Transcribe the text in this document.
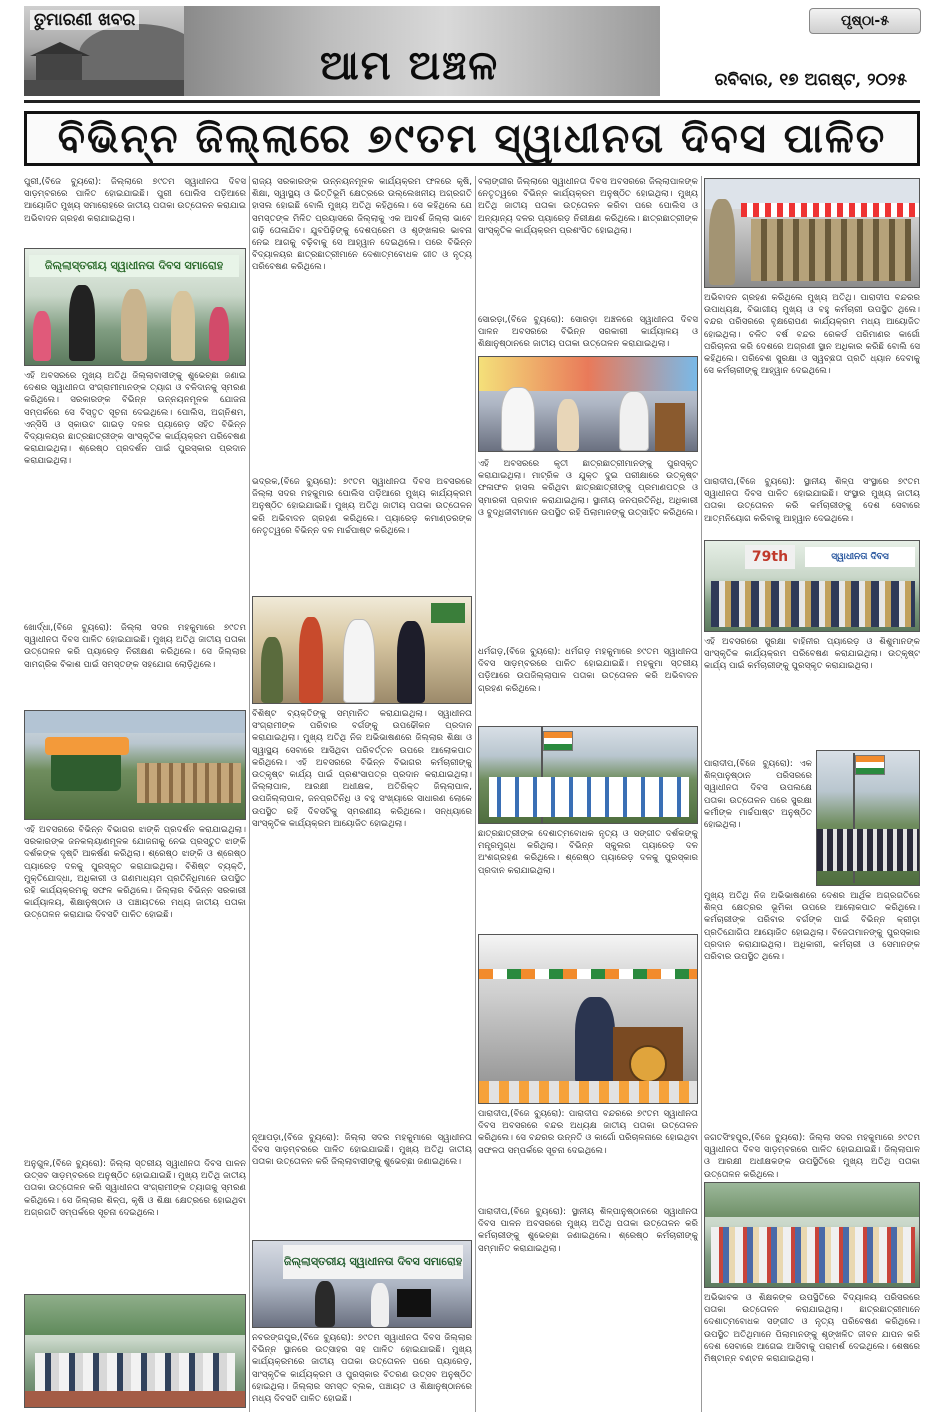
ତୁମାରଣୀ ଖବର
ଆମ ଅଞ୍ଚଳ
ପୃଷ୍ଠା-୫
ରବିବାର, ୧୭ ଅଗଷ୍ଟ, ୨୦୨୫
ବିଭିନ୍ନ ଜିଲ୍ଲାରେ ୭୯ତମ ସ୍ୱାଧୀନତା ଦିବସ ପାଳିତ
ପୁରୀ,(ବିଜେ ବ୍ୟୁରୋ): ଜିଲ୍ଲାରେ ୭୯ତମ ସ୍ୱାଧୀନତା ଦିବସ ସାଡ଼ମ୍ବରରେ ପାଳିତ ହୋଇଯାଇଛି। ପୁରୀ ପୋଲିସ ପଡ଼ିଆରେ ଆୟୋଜିତ ମୁଖ୍ୟ ସମାରୋହରେ ଜାତୀୟ ପତାକା ଉତ୍ତୋଳନ କରାଯାଇ ଅଭିବାଦନ ଗ୍ରହଣ କରାଯାଇଥିଲା।
ଜିଲ୍ଲାସ୍ତରୀୟ ସ୍ୱାଧୀନତା ଦିବସ ସମାରୋହ
ଏହି ଅବସରରେ ମୁଖ୍ୟ ଅତିଥି ଜିଲ୍ଲାବାସୀଙ୍କୁ ଶୁଭେଚ୍ଛା ଜଣାଇ ଦେଶର ସ୍ୱାଧୀନତା ସଂଗ୍ରାମୀମାନଙ୍କ ତ୍ୟାଗ ଓ ବଳିଦାନକୁ ସ୍ମରଣ କରିଥିଲେ। ସରକାରଙ୍କ ବିଭିନ୍ନ ଉନ୍ନୟନମୂଳକ ଯୋଜନା ସମ୍ପର୍କରେ ସେ ବିସ୍ତୃତ ସୂଚନା ଦେଇଥିଲେ। ପୋଲିସ, ଅଗ୍ନିଶମ, ଏନ୍‌ସିସି ଓ ସ୍କାଉଟ ଗାଇଡ଼ ଦଳର ପ୍ୟାରେଡ଼ ସହିତ ବିଭିନ୍ନ ବିଦ୍ୟାଳୟର ଛାତ୍ରଛାତ୍ରୀଙ୍କ ସାଂସ୍କୃତିକ କାର୍ଯ୍ୟକ୍ରମ ପରିବେଷଣ କରାଯାଇଥିଲା। ଶ୍ରେଷ୍ଠ ପ୍ରଦର୍ଶନ ପାଇଁ ପୁରସ୍କାର ପ୍ରଦାନ କରାଯାଇଥିଲା।
ଖୋର୍ଦ୍ଧା,(ବିଜେ ବ୍ୟୁରୋ): ଜିଲ୍ଲା ସଦର ମହକୁମାରେ ୭୯ତମ ସ୍ୱାଧୀନତା ଦିବସ ପାଳିତ ହୋଇଯାଇଛି। ମୁଖ୍ୟ ଅତିଥି ଜାତୀୟ ପତାକା ଉତ୍ତୋଳନ କରି ପ୍ୟାରେଡ଼ ନିରୀକ୍ଷଣ କରିଥିଲେ। ସେ ଜିଲ୍ଲାର ସାମଗ୍ରିକ ବିକାଶ ପାଇଁ ସମସ୍ତଙ୍କ ସହଯୋଗ ଲୋଡ଼ିଥିଲେ।
ଏହି ଅବସରରେ ବିଭିନ୍ନ ବିଭାଗର ଝାଙ୍କି ପ୍ରଦର୍ଶନ କରାଯାଇଥିଲା। ସରକାରଙ୍କ ଜନକଲ୍ୟାଣମୂଳକ ଯୋଜନାକୁ ନେଇ ପ୍ରସ୍ତୁତ ଝାଙ୍କି ଦର୍ଶକଙ୍କ ଦୃଷ୍ଟି ଆକର୍ଷଣ କରିଥିଲା। ଶ୍ରେଷ୍ଠ ଝାଙ୍କି ଓ ଶ୍ରେଷ୍ଠ ପ୍ୟାରେଡ଼ ଦଳକୁ ପୁରସ୍କୃତ କରାଯାଇଥିଲା। ବିଶିଷ୍ଟ ବ୍ୟକ୍ତି, ମୁକ୍ତିଯୋଦ୍ଧା, ଅଧିକାରୀ ଓ ଗଣମାଧ୍ୟମ ପ୍ରତିନିଧିମାନେ ଉପସ୍ଥିତ ରହି କାର୍ଯ୍ୟକ୍ରମକୁ ସଫଳ କରିଥିଲେ। ଜିଲ୍ଲାର ବିଭିନ୍ନ ସରକାରୀ କାର୍ଯ୍ୟାଳୟ, ଶିକ୍ଷାନୁଷ୍ଠାନ ଓ ପଞ୍ଚାୟତରେ ମଧ୍ୟ ଜାତୀୟ ପତାକା ଉତ୍ତୋଳନ କରାଯାଇ ଦିବସଟି ପାଳିତ ହୋଇଛି।
ଅନୁଗୁଳ,(ବିଜେ ବ୍ୟୁରୋ): ଜିଲ୍ଲା ସ୍ତରୀୟ ସ୍ୱାଧୀନତା ଦିବସ ପାଳନ ଉତ୍ସବ ସାଡ଼ମ୍ବରରେ ଅନୁଷ୍ଠିତ ହୋଇଯାଇଛି। ମୁଖ୍ୟ ଅତିଥି ଜାତୀୟ ପତାକା ଉତ୍ତୋଳନ କରି ସ୍ୱାଧୀନତା ସଂଗ୍ରାମୀଙ୍କ ତ୍ୟାଗକୁ ସ୍ମରଣ କରିଥିଲେ। ସେ ଜିଲ୍ଲାର ଶିଳ୍ପ, କୃଷି ଓ ଶିକ୍ଷା କ୍ଷେତ୍ରରେ ହୋଇଥିବା ଅଗ୍ରଗତି ସମ୍ପର୍କରେ ସୂଚନା ଦେଇଥିଲେ।
ରାଜ୍ୟ ସରକାରଙ୍କ ଉନ୍ନୟନମୂଳକ କାର୍ଯ୍ୟକ୍ରମ ଫଳରେ କୃଷି, ଶିକ୍ଷା, ସ୍ୱାସ୍ଥ୍ୟ ଓ ଭିତ୍ତିଭୂମି କ୍ଷେତ୍ରରେ ଉଲ୍ଲେଖନୀୟ ଅଗ୍ରଗତି ହାସଲ ହୋଇଛି ବୋଲି ମୁଖ୍ୟ ଅତିଥି କହିଥିଲେ। ସେ କହିଥିଲେ ଯେ ସମସ୍ତଙ୍କ ମିଳିତ ପ୍ରୟାସରେ ଜିଲ୍ଲାକୁ ଏକ ଆଦର୍ଶ ଜିଲ୍ଲା ଭାବେ ଗଢ଼ି ତୋଳାଯିବ। ଯୁବପିଢ଼ିଙ୍କୁ ଦେଶପ୍ରେମ ଓ ଶୃଙ୍ଖଳାର ଭାବନା ନେଇ ଆଗକୁ ବଢ଼ିବାକୁ ସେ ଆହ୍ୱାନ ଦେଇଥିଲେ। ପରେ ବିଭିନ୍ନ ବିଦ୍ୟାଳୟର ଛାତ୍ରଛାତ୍ରୀମାନେ ଦେଶାତ୍ମବୋଧକ ଗୀତ ଓ ନୃତ୍ୟ ପରିବେଷଣ କରିଥିଲେ।
ଭଦ୍ରକ,(ବିଜେ ବ୍ୟୁରୋ): ୭୯ତମ ସ୍ୱାଧୀନତା ଦିବସ ଅବସରରେ ଜିଲ୍ଲା ସଦର ମହକୁମାର ପୋଲିସ ପଡ଼ିଆରେ ମୁଖ୍ୟ କାର୍ଯ୍ୟକ୍ରମ ଅନୁଷ୍ଠିତ ହୋଇଯାଇଛି। ମୁଖ୍ୟ ଅତିଥି ଜାତୀୟ ପତାକା ଉତ୍ତୋଳନ କରି ଅଭିବାଦନ ଗ୍ରହଣ କରିଥିଲେ। ପ୍ୟାରେଡ଼ କମାଣ୍ଡରଙ୍କ ନେତୃତ୍ୱରେ ବିଭିନ୍ନ ଦଳ ମାର୍ଚ୍ଚପାଷ୍ଟ କରିଥିଲେ।
ବିଶିଷ୍ଟ ବ୍ୟକ୍ତିଙ୍କୁ ସମ୍ମାନିତ କରାଯାଇଥିଲା। ସ୍ୱାଧୀନତା ସଂଗ୍ରାମୀଙ୍କ ପରିବାର ବର୍ଗଙ୍କୁ ଉପଢୌକନ ପ୍ରଦାନ କରାଯାଇଥିଲା। ମୁଖ୍ୟ ଅତିଥି ନିଜ ଅଭିଭାଷଣରେ ଜିଲ୍ଲାର ଶିକ୍ଷା ଓ ସ୍ୱାସ୍ଥ୍ୟ ସେବାରେ ଆସିଥିବା ପରିବର୍ତ୍ତନ ଉପରେ ଆଲୋକପାତ କରିଥିଲେ। ଏହି ଅବସରରେ ବିଭିନ୍ନ ବିଭାଗର କର୍ମଚାରୀଙ୍କୁ ଉତ୍କୃଷ୍ଟ କାର୍ଯ୍ୟ ପାଇଁ ପ୍ରଶଂସାପତ୍ର ପ୍ରଦାନ କରାଯାଇଥିଲା। ଜିଲ୍ଲାପାଳ, ଆରକ୍ଷୀ ଅଧୀକ୍ଷକ, ଅତିରିକ୍ତ ଜିଲ୍ଲାପାଳ, ଉପଜିଲ୍ଲାପାଳ, ଜନପ୍ରତିନିଧି ଓ ବହୁ ସଂଖ୍ୟାରେ ସାଧାରଣ ଲୋକେ ଉପସ୍ଥିତ ରହି ଦିବସଟିକୁ ସ୍ମରଣୀୟ କରିଥିଲେ। ସନ୍ଧ୍ୟାରେ ସାଂସ୍କୃତିକ କାର୍ଯ୍ୟକ୍ରମ ଆୟୋଜିତ ହୋଇଥିଲା।
ନୂଆପଡ଼ା,(ବିଜେ ବ୍ୟୁରୋ): ଜିଲ୍ଲା ସଦର ମହକୁମାରେ ସ୍ୱାଧୀନତା ଦିବସ ସାଡ଼ମ୍ବରରେ ପାଳିତ ହୋଇଯାଇଛି। ମୁଖ୍ୟ ଅତିଥି ଜାତୀୟ ପତାକା ଉତ୍ତୋଳନ କରି ଜିଲ୍ଲାବାସୀଙ୍କୁ ଶୁଭେଚ୍ଛା ଜଣାଇଥିଲେ।
ଜିଲ୍ଲାସ୍ତରୀୟ ସ୍ୱାଧୀନତା ଦିବସ ସମାରୋହ
ନବରଙ୍ଗପୁର,(ବିଜେ ବ୍ୟୁରୋ): ୭୯ତମ ସ୍ୱାଧୀନତା ଦିବସ ଜିଲ୍ଲାର ବିଭିନ୍ନ ସ୍ଥାନରେ ଉତ୍ସାହର ସହ ପାଳିତ ହୋଇଯାଇଛି। ମୁଖ୍ୟ କାର୍ଯ୍ୟକ୍ରମରେ ଜାତୀୟ ପତାକା ଉତ୍ତୋଳନ ପରେ ପ୍ୟାରେଡ଼, ସାଂସ୍କୃତିକ କାର୍ଯ୍ୟକ୍ରମ ଓ ପୁରସ୍କାର ବିତରଣ ଉତ୍ସବ ଅନୁଷ୍ଠିତ ହୋଇଥିଲା। ଜିଲ୍ଲାର ସମସ୍ତ ବ୍ଲକ, ପଞ୍ଚାୟତ ଓ ଶିକ୍ଷାନୁଷ୍ଠାନରେ ମଧ୍ୟ ଦିବସଟି ପାଳିତ ହୋଇଛି।
ବଲାଙ୍ଗୀର ଜିଲ୍ଲାରେ ସ୍ୱାଧୀନତା ଦିବସ ଅବସରରେ ଜିଲ୍ଲାପାଳଙ୍କ ନେତୃତ୍ୱରେ ବିଭିନ୍ନ କାର୍ଯ୍ୟକ୍ରମ ଅନୁଷ୍ଠିତ ହୋଇଥିଲା। ମୁଖ୍ୟ ଅତିଥି ଜାତୀୟ ପତାକା ଉତ୍ତୋଳନ କରିବା ପରେ ପୋଲିସ ଓ ଅନ୍ୟାନ୍ୟ ଦଳର ପ୍ୟାରେଡ଼ ନିରୀକ୍ଷଣ କରିଥିଲେ। ଛାତ୍ରଛାତ୍ରୀଙ୍କ ସାଂସ୍କୃତିକ କାର୍ଯ୍ୟକ୍ରମ ପ୍ରଶଂସିତ ହୋଇଥିଲା।
ସୋରଡ଼ା,(ବିଜେ ବ୍ୟୁରୋ): ସୋରଡ଼ା ଅଞ୍ଚଳରେ ସ୍ୱାଧୀନତା ଦିବସ ପାଳନ ଅବସରରେ ବିଭିନ୍ନ ସରକାରୀ କାର୍ଯ୍ୟାଳୟ ଓ ଶିକ୍ଷାନୁଷ୍ଠାନରେ ଜାତୀୟ ପତାକା ଉତ୍ତୋଳନ କରାଯାଇଥିଲା।
ଏହି ଅବସରରେ କୃତୀ ଛାତ୍ରଛାତ୍ରୀମାନଙ୍କୁ ପୁରସ୍କୃତ କରାଯାଇଥିଲା। ମାଟ୍ରିକ ଓ ଯୁକ୍ତ ଦୁଇ ପରୀକ୍ଷାରେ ଉତ୍କୃଷ୍ଟ ଫଳାଫଳ ହାସଲ କରିଥିବା ଛାତ୍ରଛାତ୍ରୀଙ୍କୁ ପ୍ରମାଣପତ୍ର ଓ ସ୍ମାରକୀ ପ୍ରଦାନ କରାଯାଇଥିଲା। ସ୍ଥାନୀୟ ଜନପ୍ରତିନିଧି, ଅଧିକାରୀ ଓ ବୁଦ୍ଧିଜୀବୀମାନେ ଉପସ୍ଥିତ ରହି ପିଲାମାନଙ୍କୁ ଉତ୍ସାହିତ କରିଥିଲେ।
ଧର୍ମଗଡ଼,(ବିଜେ ବ୍ୟୁରୋ): ଧର୍ମଗଡ଼ ମହକୁମାରେ ୭୯ତମ ସ୍ୱାଧୀନତା ଦିବସ ସାଡ଼ମ୍ବରରେ ପାଳିତ ହୋଇଯାଇଛି। ମହକୁମା ସ୍ତରୀୟ ପଡ଼ିଆରେ ଉପଜିଲ୍ଲାପାଳ ପତାକା ଉତ୍ତୋଳନ କରି ଅଭିବାଦନ ଗ୍ରହଣ କରିଥିଲେ।
ଛାତ୍ରଛାତ୍ରୀଙ୍କ ଦେଶାତ୍ମବୋଧକ ନୃତ୍ୟ ଓ ସଙ୍ଗୀତ ଦର୍ଶକଙ୍କୁ ମନ୍ତ୍ରମୁଗ୍ଧ କରିଥିଲା। ବିଭିନ୍ନ ସ୍କୁଲର ପ୍ୟାରେଡ଼ ଦଳ ଅଂଶଗ୍ରହଣ କରିଥିଲେ। ଶ୍ରେଷ୍ଠ ପ୍ୟାରେଡ଼ ଦଳକୁ ପୁରସ୍କାର ପ୍ରଦାନ କରାଯାଇଥିଲା।
ପାରାଦୀପ,(ବିଜେ ବ୍ୟୁରୋ): ପାରାଦୀପ ବନ୍ଦରରେ ୭୯ତମ ସ୍ୱାଧୀନତା ଦିବସ ଅବସରରେ ବନ୍ଦର ଅଧ୍ୟକ୍ଷ ଜାତୀୟ ପତାକା ଉତ୍ତୋଳନ କରିଥିଲେ। ସେ ବନ୍ଦରର ଉନ୍ନତି ଓ କାର୍ଗୋ ପରିଚାଳନାରେ ହୋଇଥିବା ସଫଳତା ସମ୍ପର୍କରେ ସୂଚନା ଦେଇଥିଲେ।
ପାରାଦୀପ,(ବିଜେ ବ୍ୟୁରୋ): ସ୍ଥାନୀୟ ଶିଳ୍ପାନୁଷ୍ଠାନରେ ସ୍ୱାଧୀନତା ଦିବସ ପାଳନ ଅବସରରେ ମୁଖ୍ୟ ଅତିଥି ପତାକା ଉତ୍ତୋଳନ କରି କର୍ମଚାରୀଙ୍କୁ ଶୁଭେଚ୍ଛା ଜଣାଇଥିଲେ। ଶ୍ରେଷ୍ଠ କର୍ମଚାରୀଙ୍କୁ ସମ୍ମାନିତ କରାଯାଇଥିଲା।
ଅଭିବାଦନ ଗ୍ରହଣ କରିଥିଲେ ମୁଖ୍ୟ ଅତିଥି। ପାରାଦୀପ ବନ୍ଦରର ଉପାଧ୍ୟକ୍ଷ, ବିଭାଗୀୟ ମୁଖ୍ୟ ଓ ବହୁ କର୍ମଚାରୀ ଉପସ୍ଥିତ ଥିଲେ। ବନ୍ଦର ପରିସରରେ ବୃକ୍ଷରୋପଣ କାର୍ଯ୍ୟକ୍ରମ ମଧ୍ୟ ଆୟୋଜିତ ହୋଇଥିଲା। ଚଳିତ ବର୍ଷ ବନ୍ଦର ରେକର୍ଡ ପରିମାଣର କାର୍ଗୋ ପରିଚାଳନା କରି ଦେଶରେ ଅଗ୍ରଣୀ ସ୍ଥାନ ଅଧିକାର କରିଛି ବୋଲି ସେ କହିଥିଲେ। ପରିବେଶ ସୁରକ୍ଷା ଓ ସ୍ୱଚ୍ଛତା ପ୍ରତି ଧ୍ୟାନ ଦେବାକୁ ସେ କର୍ମଚାରୀଙ୍କୁ ଆହ୍ୱାନ ଦେଇଥିଲେ।
ପାରାଦୀପ,(ବିଜେ ବ୍ୟୁରୋ): ସ୍ଥାନୀୟ ଶିଳ୍ପ ସଂସ୍ଥାରେ ୭୯ତମ ସ୍ୱାଧୀନତା ଦିବସ ପାଳିତ ହୋଇଯାଇଛି। ସଂସ୍ଥାର ମୁଖ୍ୟ ଜାତୀୟ ପତାକା ଉତ୍ତୋଳନ କରି କର୍ମଚାରୀଙ୍କୁ ଦେଶ ସେବାରେ ଆତ୍ମନିୟୋଗ କରିବାକୁ ଆହ୍ୱାନ ଦେଇଥିଲେ।
79th	ସ୍ୱାଧୀନତା ଦିବସ
ଏହି ଅବସରରେ ସୁରକ୍ଷା ବାହିନୀର ପ୍ୟାରେଡ଼ ଓ ଶିଶୁମାନଙ୍କ ସାଂସ୍କୃତିକ କାର୍ଯ୍ୟକ୍ରମ ପରିବେଷଣ କରାଯାଇଥିଲା। ଉତ୍କୃଷ୍ଟ କାର୍ଯ୍ୟ ପାଇଁ କର୍ମଚାରୀଙ୍କୁ ପୁରସ୍କୃତ କରାଯାଇଥିଲା।
ପାରାଦୀପ,(ବିଜେ ବ୍ୟୁରୋ): ଏକ ଶିଳ୍ପାନୁଷ୍ଠାନ ପରିସରରେ ସ୍ୱାଧୀନତା ଦିବସ ଉପଲକ୍ଷେ ପତାକା ଉତ୍ତୋଳନ ପରେ ସୁରକ୍ଷା କର୍ମୀଙ୍କ ମାର୍ଚ୍ଚପାଷ୍ଟ ଅନୁଷ୍ଠିତ ହୋଇଥିଲା।
ମୁଖ୍ୟ ଅତିଥି ନିଜ ଅଭିଭାଷଣରେ ଦେଶର ଆର୍ଥିକ ଅଗ୍ରଗତିରେ ଶିଳ୍ପ କ୍ଷେତ୍ରର ଭୂମିକା ଉପରେ ଆଲୋକପାତ କରିଥିଲେ। କର୍ମଚାରୀଙ୍କ ପରିବାର ବର୍ଗଙ୍କ ପାଇଁ ବିଭିନ୍ନ କ୍ରୀଡ଼ା ପ୍ରତିଯୋଗିତା ଆୟୋଜିତ ହୋଇଥିଲା। ବିଜେତାମାନଙ୍କୁ ପୁରସ୍କାର ପ୍ରଦାନ କରାଯାଇଥିଲା। ଅଧିକାରୀ, କର୍ମଚାରୀ ଓ ସେମାନଙ୍କ ପରିବାର ଉପସ୍ଥିତ ଥିଲେ।
ଜଗତସିଂହପୁର,(ବିଜେ ବ୍ୟୁରୋ): ଜିଲ୍ଲା ସଦର ମହକୁମାରେ ୭୯ତମ ସ୍ୱାଧୀନତା ଦିବସ ସାଡ଼ମ୍ବରରେ ପାଳିତ ହୋଇଯାଇଛି। ଜିଲ୍ଲାପାଳ ଓ ଆରକ୍ଷୀ ଅଧୀକ୍ଷକଙ୍କ ଉପସ୍ଥିତିରେ ମୁଖ୍ୟ ଅତିଥି ପତାକା ଉତ୍ତୋଳନ କରିଥିଲେ।
ଅଭିଭାବକ ଓ ଶିକ୍ଷକଙ୍କ ଉପସ୍ଥିତିରେ ବିଦ୍ୟାଳୟ ପରିସରରେ ପତାକା ଉତ୍ତୋଳନ କରାଯାଇଥିଲା। ଛାତ୍ରଛାତ୍ରୀମାନେ ଦେଶାତ୍ମବୋଧକ ସଙ୍ଗୀତ ଓ ନୃତ୍ୟ ପରିବେଷଣ କରିଥିଲେ। ଉପସ୍ଥିତ ଅତିଥିମାନେ ପିଲାମାନଙ୍କୁ ଶୃଙ୍ଖଳିତ ଜୀବନ ଯାପନ କରି ଦେଶ ସେବାରେ ଆଗେଇ ଆସିବାକୁ ପରାମର୍ଶ ଦେଇଥିଲେ। ଶେଷରେ ମିଷ୍ଟାନ୍ନ ବଣ୍ଟନ କରାଯାଇଥିଲା।
